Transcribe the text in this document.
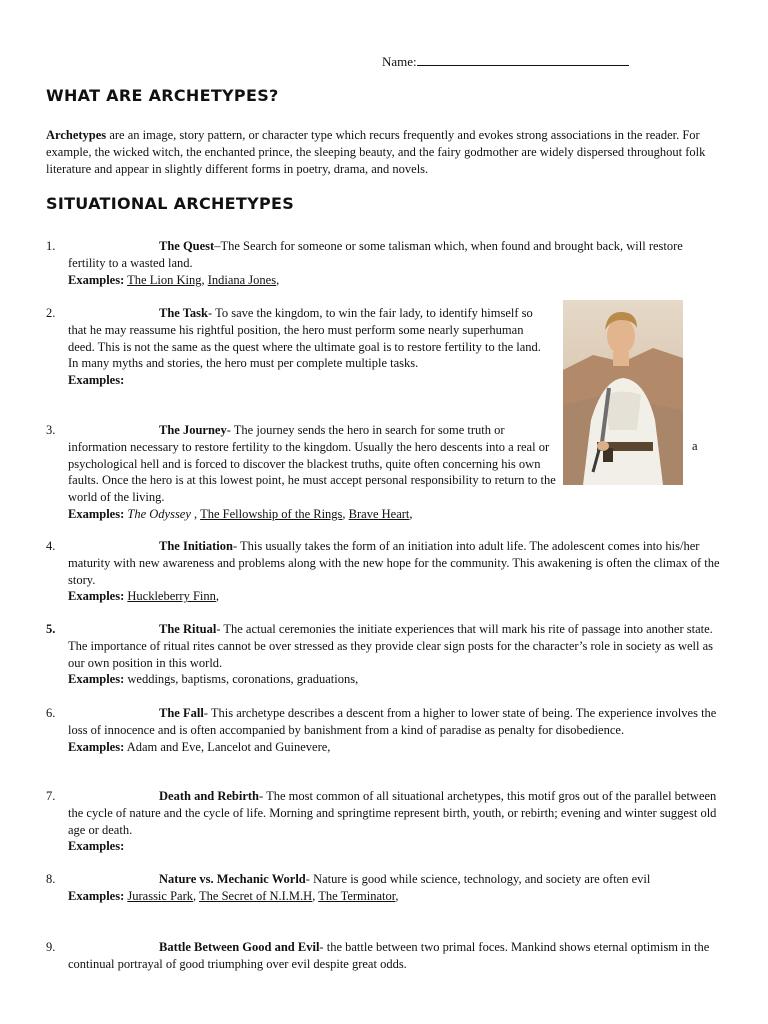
Name:
WHAT ARE ARCHETYPES?
Archetypes are an image, story pattern, or character type which recurs frequently and evokes strong associations in the reader. For example, the wicked witch, the enchanted prince, the sleeping beauty, and the fairy godmother are widely dispersed throughout folk literature and appear in slightly different forms in poetry, drama, and novels.
SITUATIONAL ARCHETYPES
1.	The Quest–The Search for someone or some talisman which, when found and brought back, will restore fertility to a wasted land.
Examples: The Lion King, Indiana Jones,
2.	The Task- To save the kingdom, to win the fair lady, to identify himself so that he may reassume his rightful position, the hero must perform some nearly superhuman deed. This is not the same as the quest where the ultimate goal is to restore fertility to the land. In many myths and stories, the hero must per complete multiple tasks.
Examples:
3.	The Journey- The journey sends the hero in search for some truth or information necessary to restore fertility to the kingdom. Usually the hero descents into a real or psychological hell and is forced to discover the blackest truths, quite often concerning his own faults. Once the hero is at this lowest point, he must accept personal responsibility to return to the world of the living.
Examples: The Odyssey , The Fellowship of the Rings, Brave Heart,
a
4.	The Initiation- This usually takes the form of an initiation into adult life. The adolescent comes into his/her maturity with new awareness and problems along with the new hope for the community. This awakening is often the climax of the story.
Examples: Huckleberry Finn,
5.	The Ritual- The actual ceremonies the initiate experiences that will mark his rite of passage into another state. The importance of ritual rites cannot be over stressed as they provide clear sign posts for the character’s role in society as well as our own position in this world.
Examples: weddings, baptisms, coronations, graduations,
6.	The Fall- This archetype describes a descent from a higher to lower state of being. The experience involves the loss of innocence and is often accompanied by banishment from a kind of paradise as penalty for disobedience.
Examples: Adam and Eve, Lancelot and Guinevere,
7.	Death and Rebirth- The most common of all situational archetypes, this motif gros out of the parallel between the cycle of nature and the cycle of life. Morning and springtime represent birth, youth, or rebirth; evening and winter suggest old age or death.
Examples:
8.	Nature vs. Mechanic World- Nature is good while science, technology, and society are often evil
Examples: Jurassic Park, The Secret of N.I.M.H, The Terminator,
9.	Battle Between Good and Evil- the battle between two primal foces. Mankind shows eternal optimism in the continual portrayal of good triumphing over evil despite great odds.
